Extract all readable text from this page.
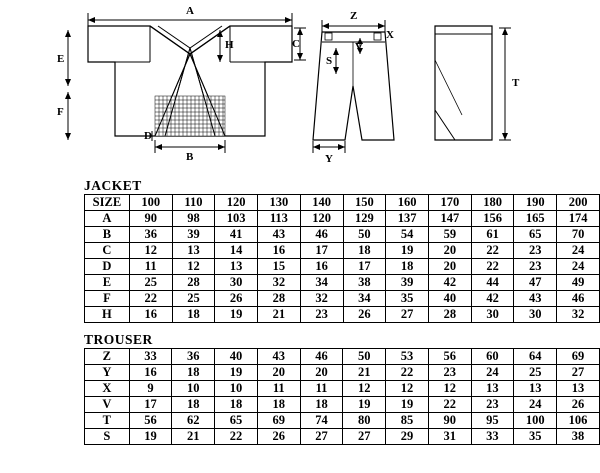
A
E
F
C
H
D
B
Z
V
X
S
Y
T
JACKET
SIZE	100	110	120	130	140	150	160	170	180	190	200
A	90	98	103	113	120	129	137	147	156	165	174
B	36	39	41	43	46	50	54	59	61	65	70
C	12	13	14	16	17	18	19	20	22	23	24
D	11	12	13	15	16	17	18	20	22	23	24
E	25	28	30	32	34	38	39	42	44	47	49
F	22	25	26	28	32	34	35	40	42	43	46
H	16	18	19	21	23	26	27	28	30	30	32
TROUSER
Z	33	36	40	43	46	50	53	56	60	64	69
Y	16	18	19	20	20	21	22	23	24	25	27
X	9	10	10	11	11	12	12	12	13	13	13
V	17	18	18	18	18	19	19	22	23	24	26
T	56	62	65	69	74	80	85	90	95	100	106
S	19	21	22	26	27	27	29	31	33	35	38
